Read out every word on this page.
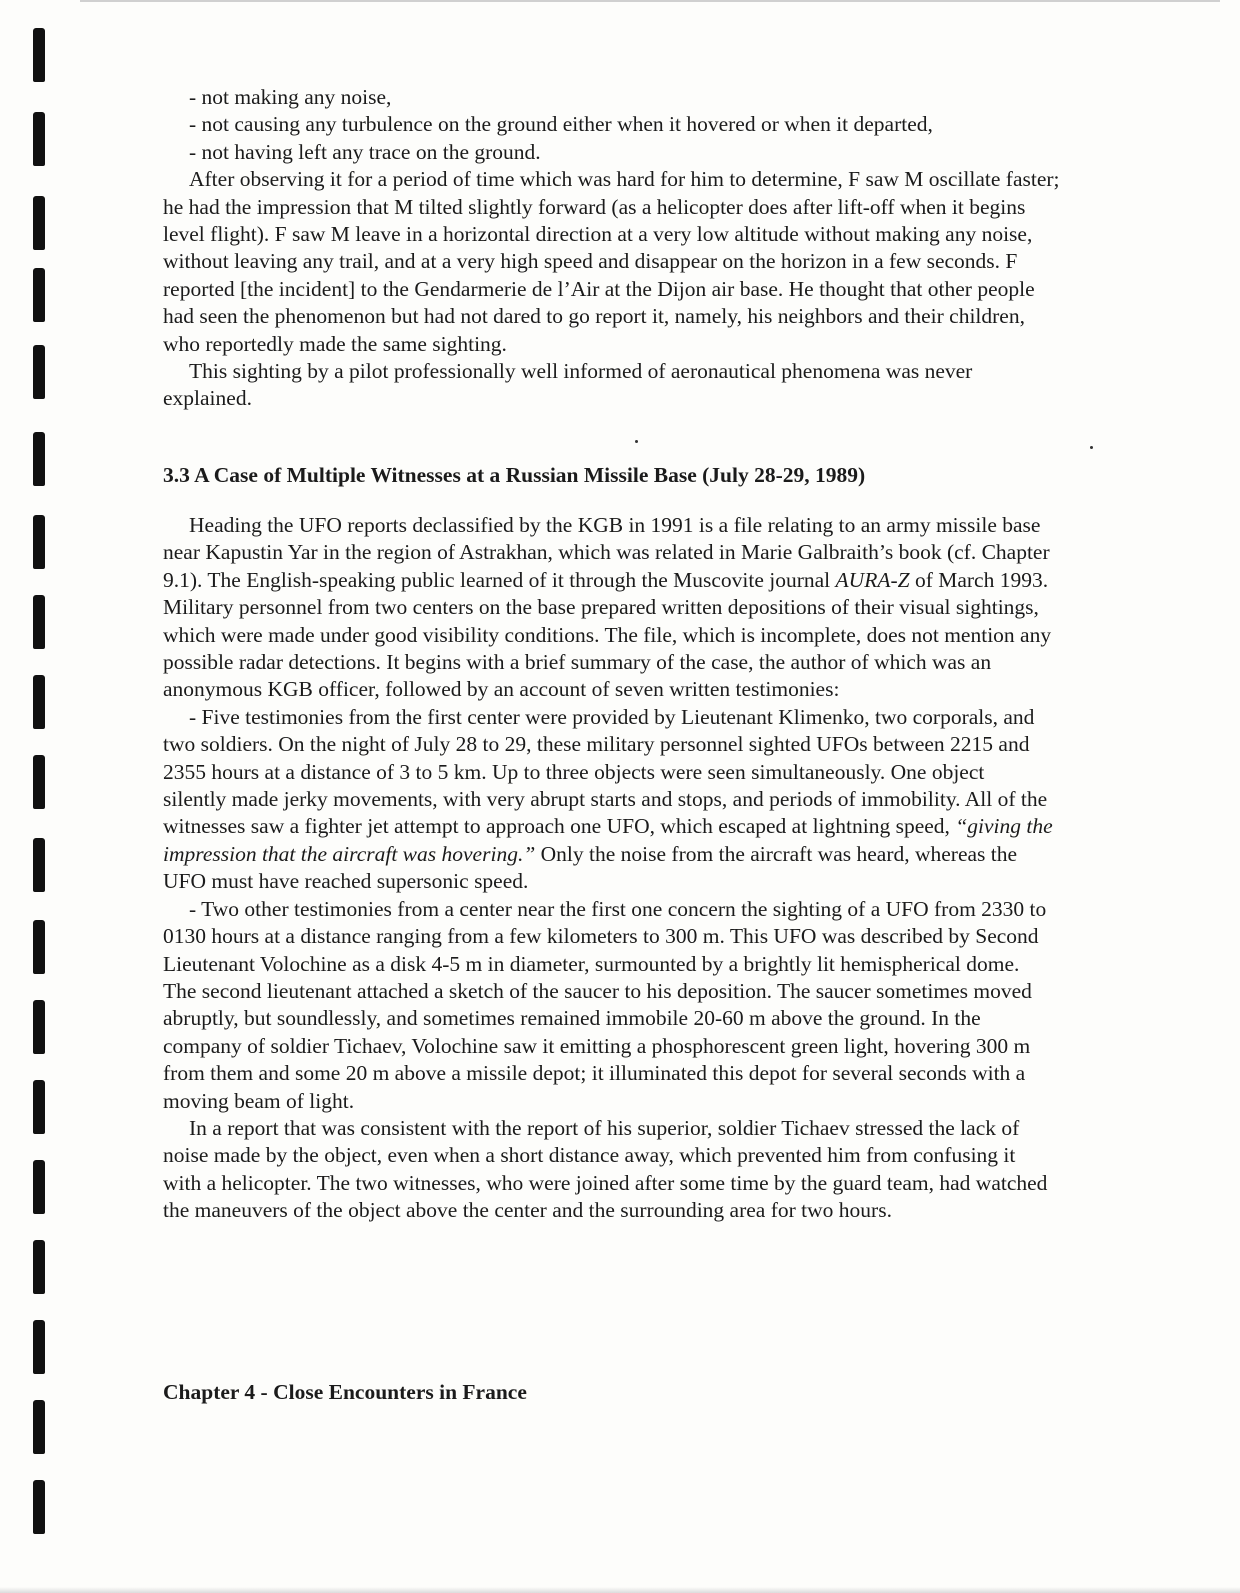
- not making any noise,

- not causing any turbulence on the ground either when it hovered or when it departed,

- not having left any trace on the ground.

After observing it for a period of time which was hard for him to determine, F saw M oscillate faster; he had the impression that M tilted slightly forward (as a helicopter does after lift-off when it begins level flight). F saw M leave in a horizontal direction at a very low altitude without making any noise, without leaving any trail, and at a very high speed and disappear on the horizon in a few seconds. F reported [the incident] to the Gendarmerie de l’Air at the Dijon air base. He thought that other people had seen the phenomenon but had not dared to go report it, namely, his neighbors and their children, who reportedly made the same sighting.

This sighting by a pilot professionally well informed of aeronautical phenomena was never explained.

3.3 A Case of Multiple Witnesses at a Russian Missile Base (July 28-29, 1989)

Heading the UFO reports declassified by the KGB in 1991 is a file relating to an army missile base near Kapustin Yar in the region of Astrakhan, which was related in Marie Galbraith’s book (cf. Chapter 9.1). The English-speaking public learned of it through the Muscovite journal AURA-Z of March 1993. Military personnel from two centers on the base prepared written depositions of their visual sightings, which were made under good visibility conditions. The file, which is incomplete, does not mention any possible radar detections. It begins with a brief summary of the case, the author of which was an anonymous KGB officer, followed by an account of seven written testimonies:

- Five testimonies from the first center were provided by Lieutenant Klimenko, two corporals, and two soldiers. On the night of July 28 to 29, these military personnel sighted UFOs between 2215 and 2355 hours at a distance of 3 to 5 km. Up to three objects were seen simultaneously. One object silently made jerky movements, with very abrupt starts and stops, and periods of immobility. All of the witnesses saw a fighter jet attempt to approach one UFO, which escaped at lightning speed, “giving the impression that the aircraft was hovering.” Only the noise from the aircraft was heard, whereas the UFO must have reached supersonic speed.

- Two other testimonies from a center near the first one concern the sighting of a UFO from 2330 to 0130 hours at a distance ranging from a few kilometers to 300 m. This UFO was described by Second Lieutenant Volochine as a disk 4-5 m in diameter, surmounted by a brightly lit hemispherical dome. The second lieutenant attached a sketch of the saucer to his deposition. The saucer sometimes moved abruptly, but soundlessly, and sometimes remained immobile 20-60 m above the ground. In the company of soldier Tichaev, Volochine saw it emitting a phosphorescent green light, hovering 300 m from them and some 20 m above a missile depot; it illuminated this depot for several seconds with a moving beam of light.

In a report that was consistent with the report of his superior, soldier Tichaev stressed the lack of noise made by the object, even when a short distance away, which prevented him from confusing it with a helicopter. The two witnesses, who were joined after some time by the guard team, had watched the maneuvers of the object above the center and the surrounding area for two hours.

Chapter 4 - Close Encounters in France
